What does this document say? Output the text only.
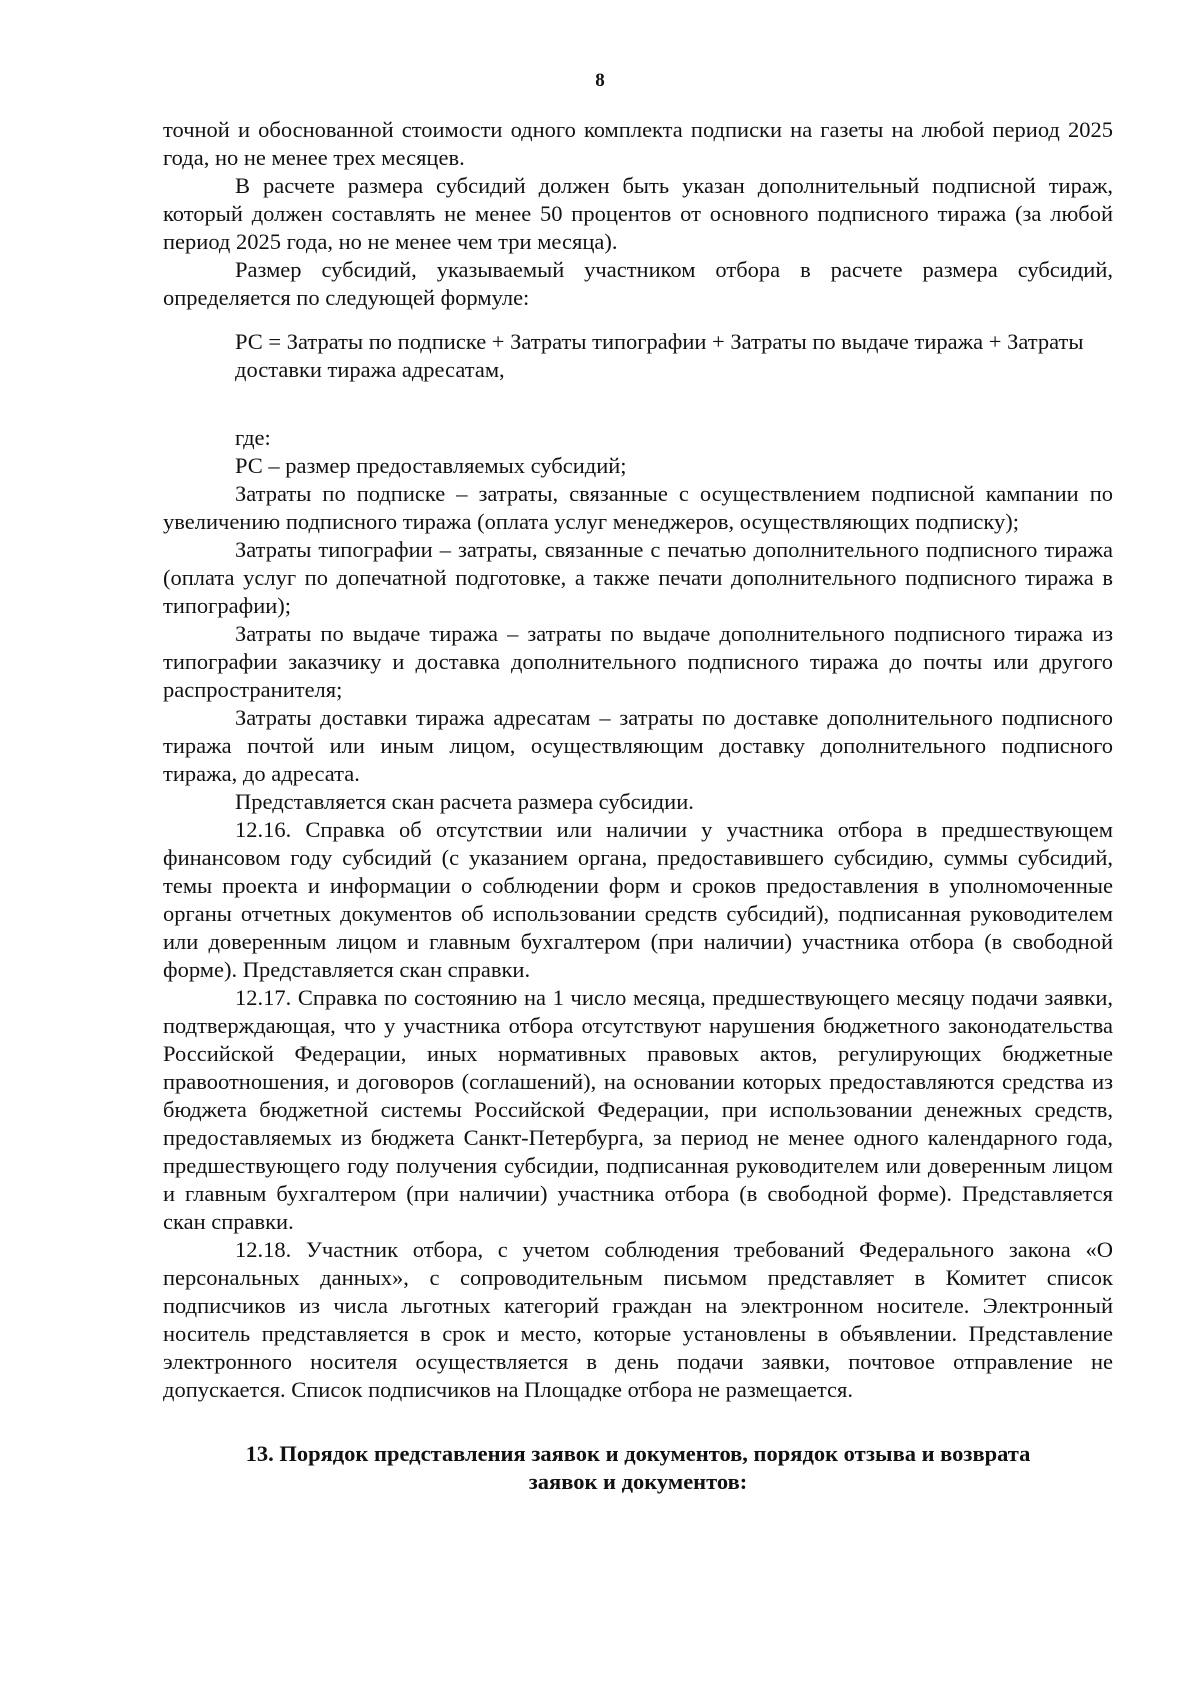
8

точной и обоснованной стоимости одного комплекта подписки на газеты на любой период 2025 года, но не менее трех месяцев.

В расчете размера субсидий должен быть указан дополнительный подписной тираж, который должен составлять не менее 50 процентов от основного подписного тиража (за любой период 2025 года, но не менее чем три месяца).

Размер субсидий, указываемый участником отбора в расчете размера субсидий, определяется по следующей формуле:

РС = Затраты по подписке + Затраты типографии + Затраты по выдаче тиража + Затраты доставки тиража адресатам,

где:

РС – размер предоставляемых субсидий;

Затраты по подписке – затраты, связанные с осуществлением подписной кампании по увеличению подписного тиража (оплата услуг менеджеров, осуществляющих подписку);

Затраты типографии – затраты, связанные с печатью дополнительного подписного тиража (оплата услуг по допечатной подготовке, а также печати дополнительного подписного тиража в типографии);

Затраты по выдаче тиража – затраты по выдаче дополнительного подписного тиража из типографии заказчику и доставка дополнительного подписного тиража до почты или другого распространителя;

Затраты доставки тиража адресатам – затраты по доставке дополнительного подписного тиража почтой или иным лицом, осуществляющим доставку дополнительного подписного тиража, до адресата.

Представляется скан расчета размера субсидии.

12.16. Справка об отсутствии или наличии у участника отбора в предшествующем финансовом году субсидий (с указанием органа, предоставившего субсидию, суммы субсидий, темы проекта и информации о соблюдении форм и сроков предоставления в уполномоченные органы отчетных документов об использовании средств субсидий), подписанная руководителем или доверенным лицом и главным бухгалтером (при наличии) участника отбора (в свободной форме). Представляется скан справки.

12.17. Справка по состоянию на 1 число месяца, предшествующего месяцу подачи заявки, подтверждающая, что у участника отбора отсутствуют нарушения бюджетного законодательства Российской Федерации, иных нормативных правовых актов, регулирующих бюджетные правоотношения, и договоров (соглашений), на основании которых предоставляются средства из бюджета бюджетной системы Российской Федерации, при использовании денежных средств, предоставляемых из бюджета Санкт-Петербурга, за период не менее одного календарного года, предшествующего году получения субсидии, подписанная руководителем или доверенным лицом и главным бухгалтером (при наличии) участника отбора (в свободной форме). Представляется скан справки.

12.18. Участник отбора, с учетом соблюдения требований Федерального закона «О персональных данных», с сопроводительным письмом представляет в Комитет список подписчиков из числа льготных категорий граждан на электронном носителе. Электронный носитель представляется в срок и место, которые установлены в объявлении. Представление электронного носителя осуществляется в день подачи заявки, почтовое отправление не допускается. Список подписчиков на Площадке отбора не размещается.

13. Порядок представления заявок и документов, порядок отзыва и возврата
заявок и документов:
